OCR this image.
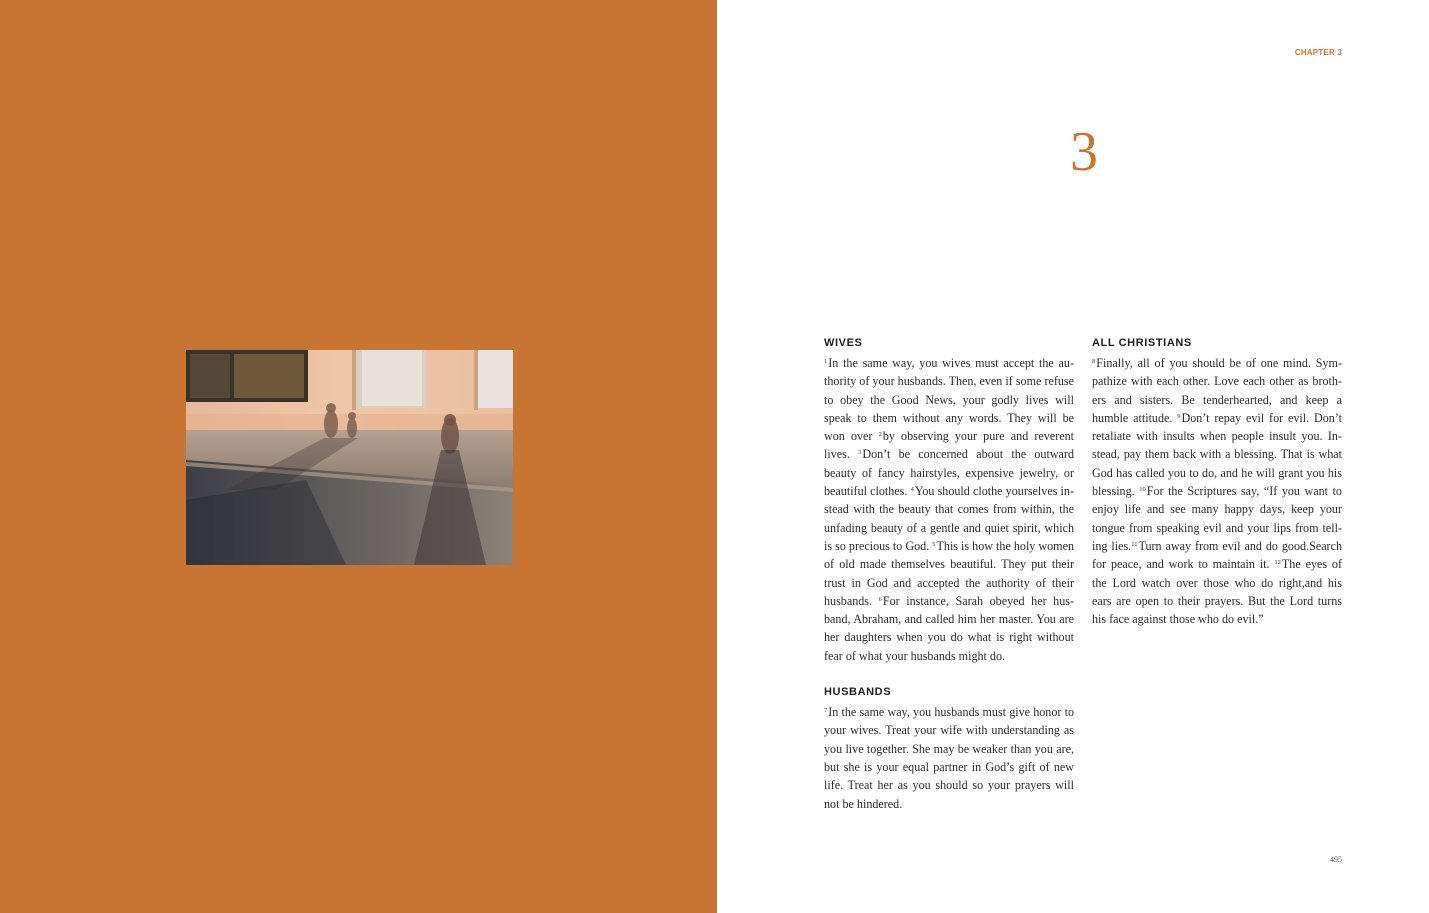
CHAPTER 3
3
WIVES

$^1$In the same way, you wives must accept the authority of your husbands. Then, even if some refuse to obey the Good News, your godly lives will speak to them without any words. They will be won over $^2$by observing your pure and reverent lives. $^3$Don’t be concerned about the outward beauty of fancy hairstyles, expensive jewelry, or beautiful clothes. $^4$You should clothe yourselves instead with the beauty that comes from within, the unfading beauty of a gentle and quiet spirit, which is so precious to God. $^5$This is how the holy women of old made themselves beautiful. They put their trust in God and accepted the authority of their husbands. $^6$For instance, Sarah obeyed her husband, Abraham, and called him her master. You are her daughters when you do what is right without fear of what your husbands might do.

HUSBANDS

$^7$In the same way, you husbands must give honor to your wives. Treat your wife with understanding as you live together. She may be weaker than you are, but she is your equal partner in God’s gift of new life. Treat her as you should so your prayers will not be hindered.

ALL CHRISTIANS

$^8$Finally, all of you should be of one mind. Sympathize with each other. Love each other as brothers and sisters. Be tenderhearted, and keep a humble attitude. $^9$Don’t repay evil for evil. Don’t retaliate with insults when people insult you. Instead, pay them back with a blessing. That is what God has called you to do, and he will grant you his blessing. $^{10}$For the Scriptures say, “If you want to enjoy life and see many happy days, keep your tongue from speaking evil and your lips from telling lies.$^{11}$Turn away from evil and do good.Search for peace, and work to maintain it. $^{12}$The eyes of the Lord watch over those who do right,and his ears are open to their prayers. But the Lord turns his face against those who do evil.”

495
